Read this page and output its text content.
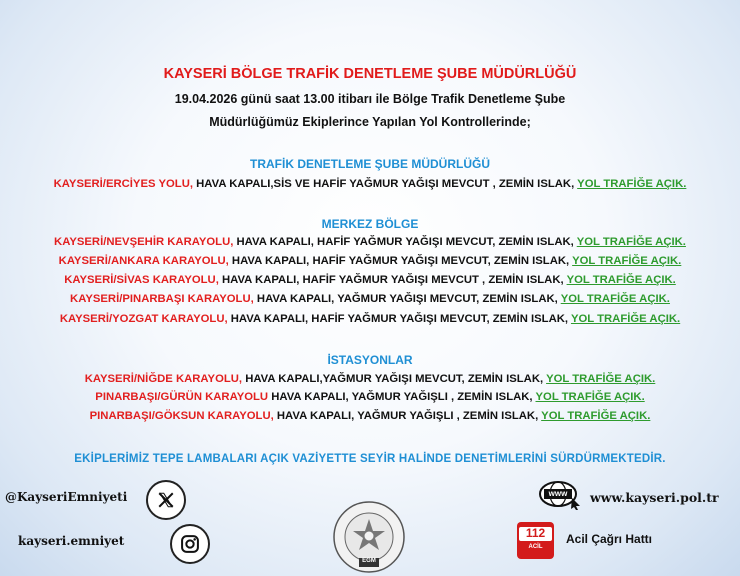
KAYSERİ BÖLGE TRAFİK DENETLEME ŞUBE MÜDÜRLÜĞÜ
19.04.2026 günü saat 13.00 itibarı ile Bölge Trafik Denetleme Şube
Müdürlüğümüz Ekiplerince Yapılan Yol Kontrollerinde;
TRAFİK DENETLEME ŞUBE MÜDÜRLÜĞÜ
KAYSERİ/ERCİYES YOLU, HAVA KAPALI,SİS VE HAFİF YAĞMUR YAĞIŞI MEVCUT , ZEMİN ISLAK, YOL TRAFİĞE AÇIK.
MERKEZ BÖLGE
KAYSERİ/NEVŞEHİR KARAYOLU, HAVA KAPALI, HAFİF YAĞMUR YAĞIŞI MEVCUT, ZEMİN ISLAK, YOL TRAFİĞE AÇIK.
KAYSERİ/ANKARA KARAYOLU, HAVA KAPALI, HAFİF YAĞMUR YAĞIŞI MEVCUT, ZEMİN ISLAK, YOL TRAFİĞE AÇIK.
KAYSERİ/SİVAS KARAYOLU, HAVA KAPALI, HAFİF YAĞMUR YAĞIŞI MEVCUT , ZEMİN ISLAK, YOL TRAFİĞE AÇIK.
KAYSERİ/PINARBAŞI KARAYOLU, HAVA KAPALI, YAĞMUR YAĞIŞI MEVCUT, ZEMİN ISLAK, YOL TRAFİĞE AÇIK.
KAYSERİ/YOZGAT KARAYOLU, HAVA KAPALI, HAFİF YAĞMUR YAĞIŞI MEVCUT, ZEMİN ISLAK, YOL TRAFİĞE AÇIK.
İSTASYONLAR
KAYSERİ/NİĞDE KARAYOLU, HAVA KAPALI,YAĞMUR YAĞIŞI MEVCUT, ZEMİN ISLAK, YOL TRAFİĞE AÇIK.
PINARBAŞI/GÜRÜN KARAYOLU HAVA KAPALI, YAĞMUR YAĞIŞLI , ZEMİN ISLAK, YOL TRAFİĞE AÇIK.
PINARBAŞI/GÖKSUN KARAYOLU, HAVA KAPALI, YAĞMUR YAĞIŞLI , ZEMİN ISLAK, YOL TRAFİĞE AÇIK.
EKİPLERİMİZ TEPE LAMBALARI AÇIK VAZİYETTE SEYİR HALİNDE DENETİMLERİNİ SÜRDÜRMEKTEDİR.
@KayseriEmniyeti
kayseri.emniyet
EGM
www	www.kayseri.pol.tr
112
ACİL
Acil Çağrı Hattı
